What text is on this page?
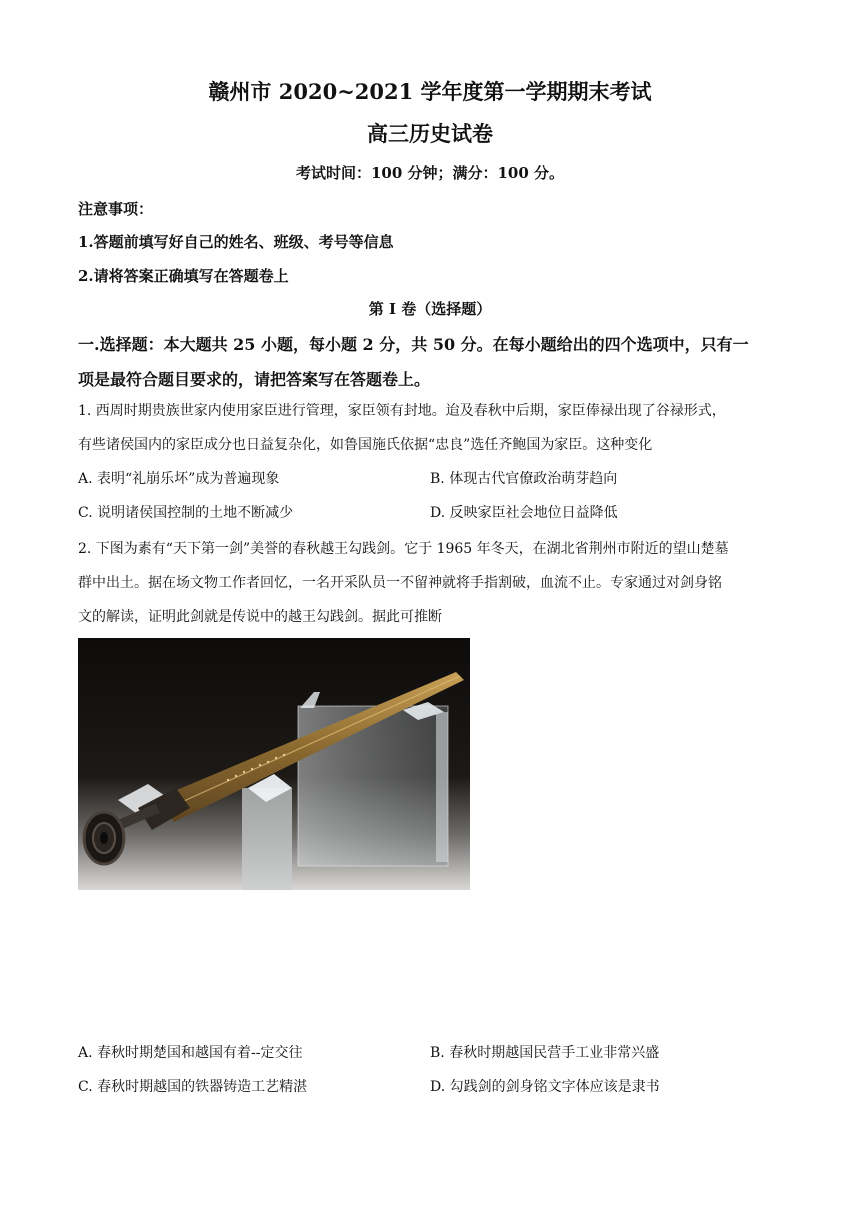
赣州市 2020~2021 学年度第一学期期末考试
高三历史试卷
考试时间：100 分钟；满分：100 分。
注意事项：
1.答题前填写好自己的姓名、班级、考号等信息
2.请将答案正确填写在答题卷上
第 I 卷（选择题）
一.选择题：本大题共 25 小题，每小题 2 分，共 50 分。在每小题给出的四个选项中，只有一
项是最符合题目要求的，请把答案写在答题卷上。
1. 西周时期贵族世家内使用家臣进行管理，家臣领有封地。迨及春秋中后期，家臣俸禄出现了谷禄形式，
有些诸侯国内的家臣成分也日益复杂化，如鲁国施氏依据“忠良”选任齐鲍国为家臣。这种变化
A. 表明“礼崩乐坏”成为普遍现象	B. 体现古代官僚政治萌芽趋向
C. 说明诸侯国控制的土地不断减少	D. 反映家臣社会地位日益降低
2. 下图为素有“天下第一剑”美誉的春秋越王勾践剑。它于 1965 年冬天，在湖北省荆州市附近的望山楚墓
群中出土。据在场文物工作者回忆，一名开采队员一不留神就将手指割破，血流不止。专家通过对剑身铭
文的解读，证明此剑就是传说中的越王勾践剑。据此可推断
A. 春秋时期楚国和越国有着--定交往	B. 春秋时期越国民营手工业非常兴盛
C. 春秋时期越国的铁器铸造工艺精湛	D. 勾践剑的剑身铭文字体应该是隶书
